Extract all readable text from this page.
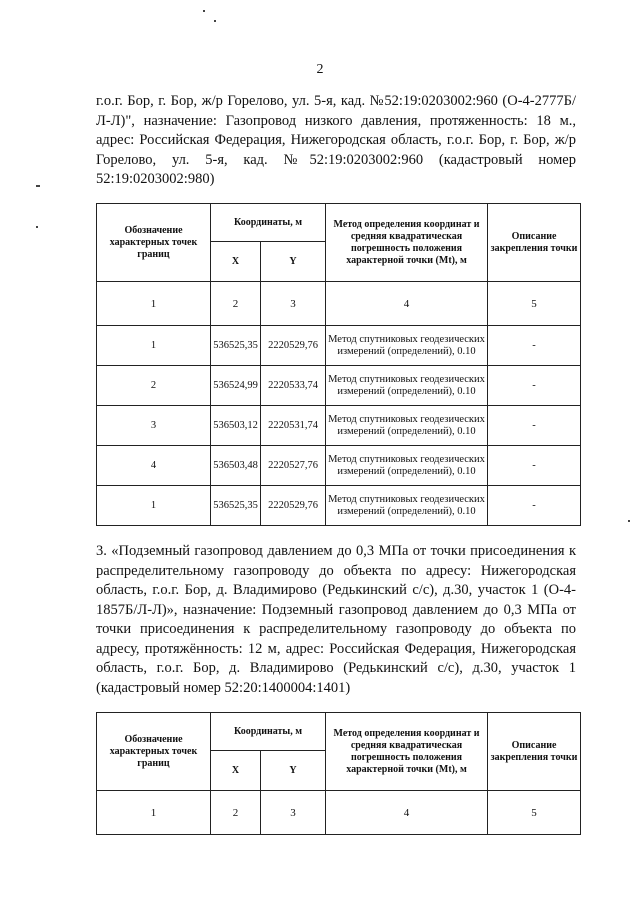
2
г.о.г. Бор, г. Бор, ж/р Горелово, ул. 5-я, кад. №52:19:0203002:960 (О-4-2777Б/Л-Л)", назначение: Газопровод низкого давления, протяженность: 18 м., адрес: Российская Федерация, Нижегородская область, г.о.г. Бор, г. Бор, ж/р Горелово, ул. 5-я, кад. №52:19:0203002:960 (кадастровый номер 52:19:0203002:980)
Обозначение характерных точек границ	Координаты, м		Метод определения координат и средняя квадратическая погрешность положения характерной точки (Mt), м	Описание закрепления точки
	X	Y		
1	2	3	4	5
1	536525,35	2220529,76	Метод спутниковых геодезических измерений (определений), 0.10	-
2	536524,99	2220533,74	Метод спутниковых геодезических измерений (определений), 0.10	-
3	536503,12	2220531,74	Метод спутниковых геодезических измерений (определений), 0.10	-
4	536503,48	2220527,76	Метод спутниковых геодезических измерений (определений), 0.10	-
1	536525,35	2220529,76	Метод спутниковых геодезических измерений (определений), 0.10	-
3. «Подземный газопровод давлением до 0,3 МПа от точки присоединения к распределительному газопроводу до объекта по адресу: Нижегородская область, г.о.г. Бор, д. Владимирово (Редькинский с/с), д.30, участок 1 (О-4-1857Б/Л-Л)», назначение: Подземный газопровод давлением до 0,3 МПа от точки присоединения к распределительному газопроводу до объекта по адресу, протяжённость: 12 м, адрес: Российская Федерация, Нижегородская область, г.о.г. Бор, д. Владимирово (Редькинский с/с), д.30, участок 1 (кадастровый номер 52:20:1400004:1401)
Обозначение характерных точек границ	Координаты, м		Метод определения координат и средняя квадратическая погрешность положения характерной точки (Mt), м	Описание закрепления точки
	X	Y		
1	2	3	4	5
